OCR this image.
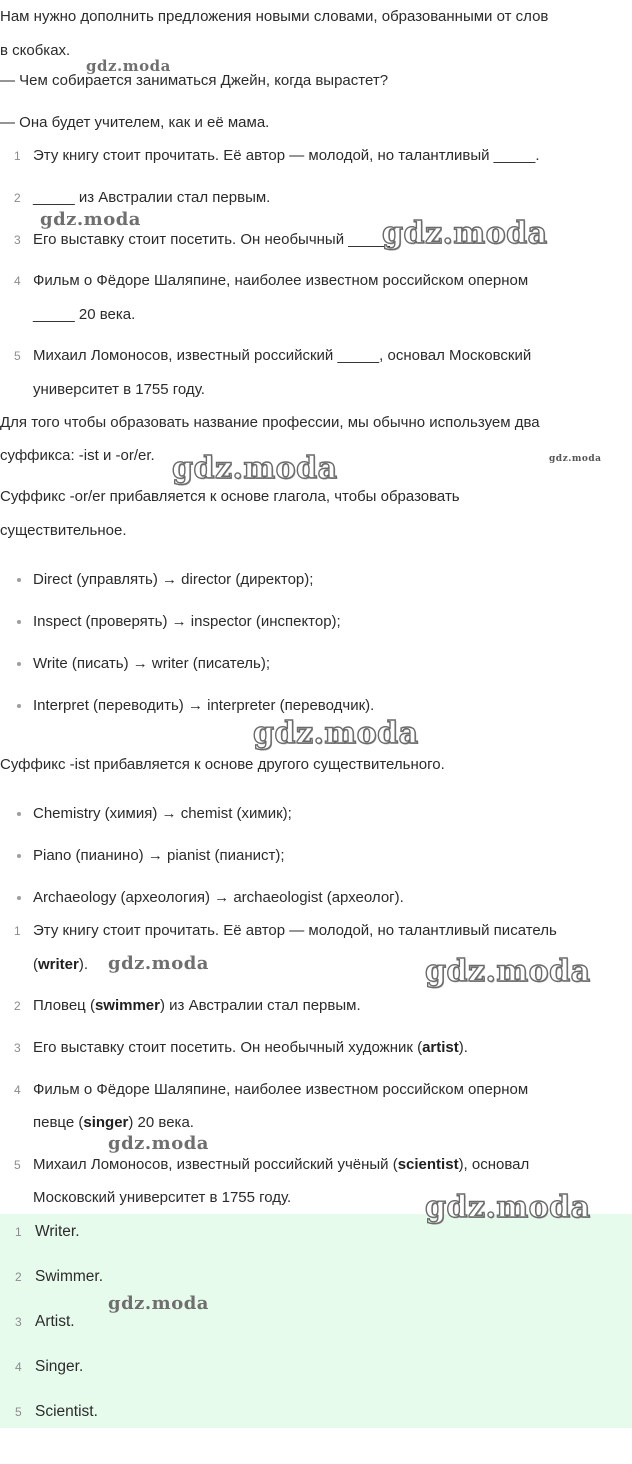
Нам нужно дополнить предложения новыми словами, образованными от слов
в скобках.
— Чем собирается заниматься Джейн, когда вырастет?
— Она будет учителем, как и её мама.
1 Эту книгу стоит прочитать. Её автор — молодой, но талантливый _____.
2 _____ из Австралии стал первым.
3 Его выставку стоит посетить. Он необычный _____.
4 Фильм о Фёдоре Шаляпине, наиболее известном российском оперном
_____ 20 века.
5 Михаил Ломоносов, известный российский _____, основал Московский
университет в 1755 году.
Для того чтобы образовать название профессии, мы обычно используем два
суффикса: -ist и -or/er.
Суффикс -or/er прибавляется к основе глагола, чтобы образовать
существительное.
Direct (управлять) → director (директор);
Inspect (проверять) → inspector (инспектор);
Write (писать) → writer (писатель);
Interpret (переводить) → interpreter (переводчик).
Суффикс -ist прибавляется к основе другого существительного.
Chemistry (химия) → chemist (химик);
Piano (пианино) → pianist (пианист);
Archaeology (археология) → archaeologist (археолог).
1 Эту книгу стоит прочитать. Её автор — молодой, но талантливый писатель
(writer).
2 Пловец (swimmer) из Австралии стал первым.
3 Его выставку стоит посетить. Он необычный художник (artist).
4 Фильм о Фёдоре Шаляпине, наиболее известном российском оперном
певце (singer) 20 века.
5 Михаил Ломоносов, известный российский учёный (scientist), основал
Московский университет в 1755 году.
1 Writer.
2 Swimmer.
3 Artist.
4 Singer.
5 Scientist.
gdz.moda
gdz.moda	gdz.moda
gdz.moda	gdz.moda
gdz.moda
gdz.moda	gdz.moda
gdz.moda
gdz.moda
gdz.moda
